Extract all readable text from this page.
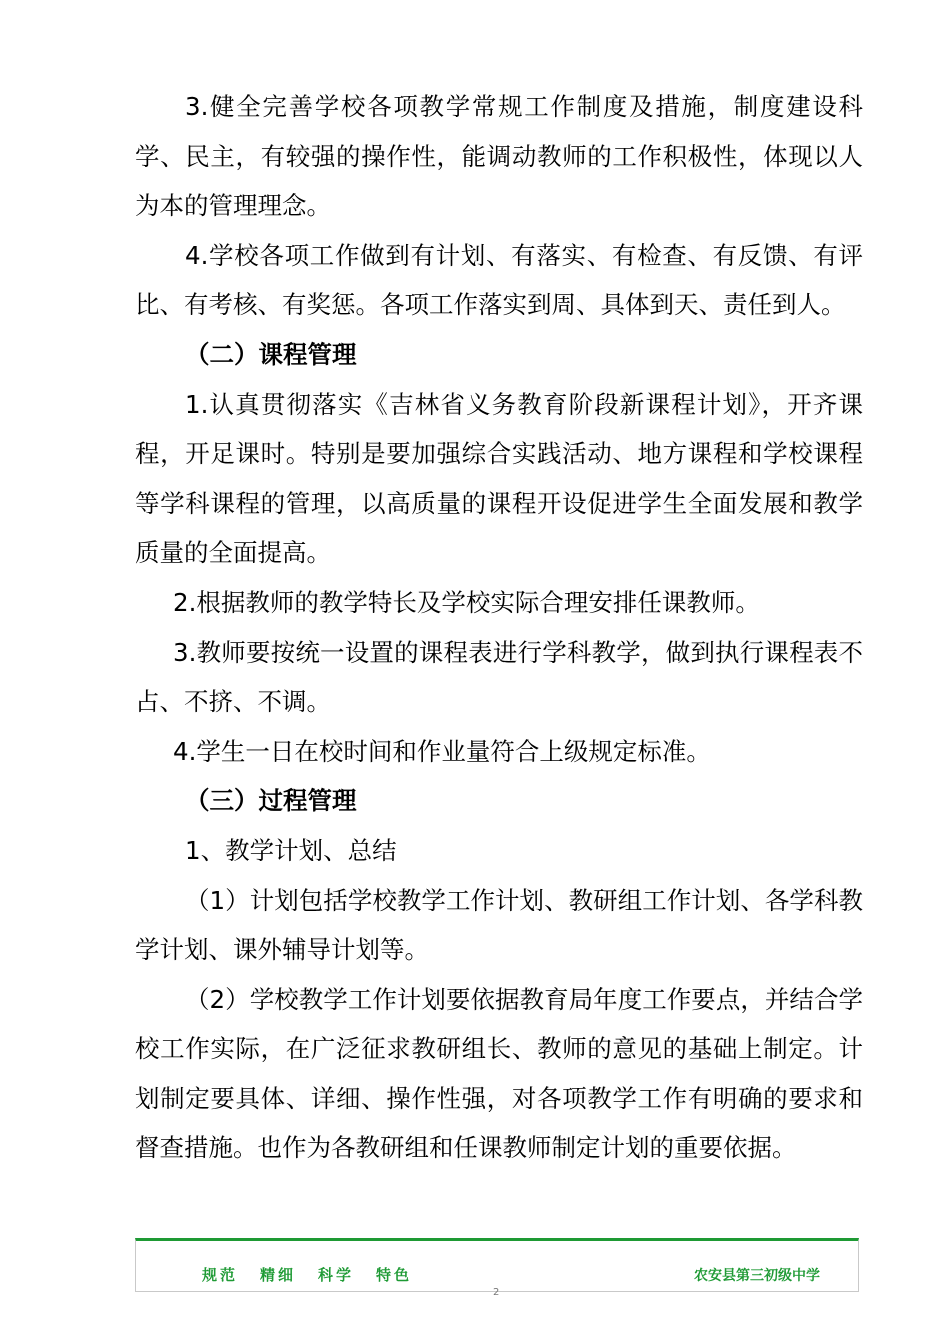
3.健全完善学校各项教学常规工作制度及措施，制度建设科学、民主，有较强的操作性，能调动教师的工作积极性，体现以人为本的管理理念。

4.学校各项工作做到有计划、有落实、有检查、有反馈、有评比、有考核、有奖惩。各项工作落实到周、具体到天、责任到人。

（二）课程管理

1.认真贯彻落实《吉林省义务教育阶段新课程计划》，开齐课程，开足课时。特别是要加强综合实践活动、地方课程和学校课程等学科课程的管理，以高质量的课程开设促进学生全面发展和教学质量的全面提高。

2.根据教师的教学特长及学校实际合理安排任课教师。

3.教师要按统一设置的课程表进行学科教学，做到执行课程表不占、不挤、不调。

4.学生一日在校时间和作业量符合上级规定标准。

（三）过程管理

1、教学计划、总结

（1）计划包括学校教学工作计划、教研组工作计划、各学科教学计划、课外辅导计划等。

（2）学校教学工作计划要依据教育局年度工作要点，并结合学校工作实际，在广泛征求教研组长、教师的意见的基础上制定。计划制定要具体、详细、操作性强，对各项教学工作有明确的要求和督查措施。也作为各教研组和任课教师制定计划的重要依据。

规范 精细 科学 特色	农安县第三初级中学
2
